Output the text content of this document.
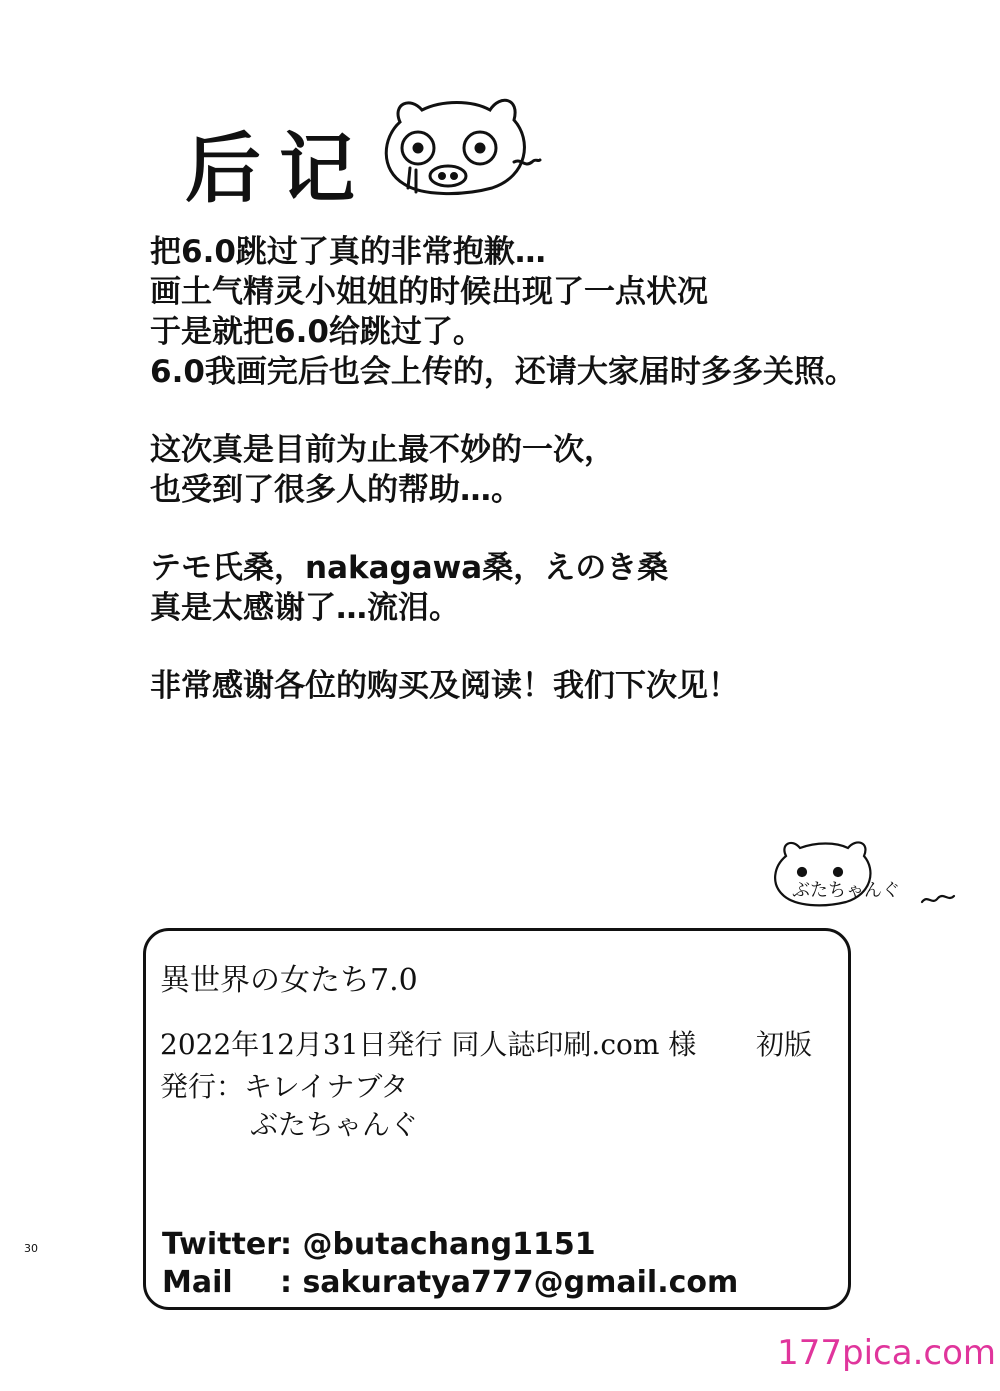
后记
把6.0跳过了真的非常抱歉…
画土气精灵小姐姐的时候出现了一点状况
于是就把6.0给跳过了。
6.0我画完后也会上传的，还请大家届时多多关照。
这次真是目前为止最不妙的一次，
也受到了很多人的帮助…。
テモ氏桑，nakagawa桑，えのき桑
真是太感谢了…流泪。
非常感谢各位的购买及阅读！我们下次见！
ぶたちゃんぐ
異世界の女たち7.0
2022年12月31日発行 同人誌印刷.com 様	初版
発行：キレイナブタ
ぶたちゃんぐ
Twitter: @butachang1151
Mail : sakuratya777@gmail.com
30
177pica.com
